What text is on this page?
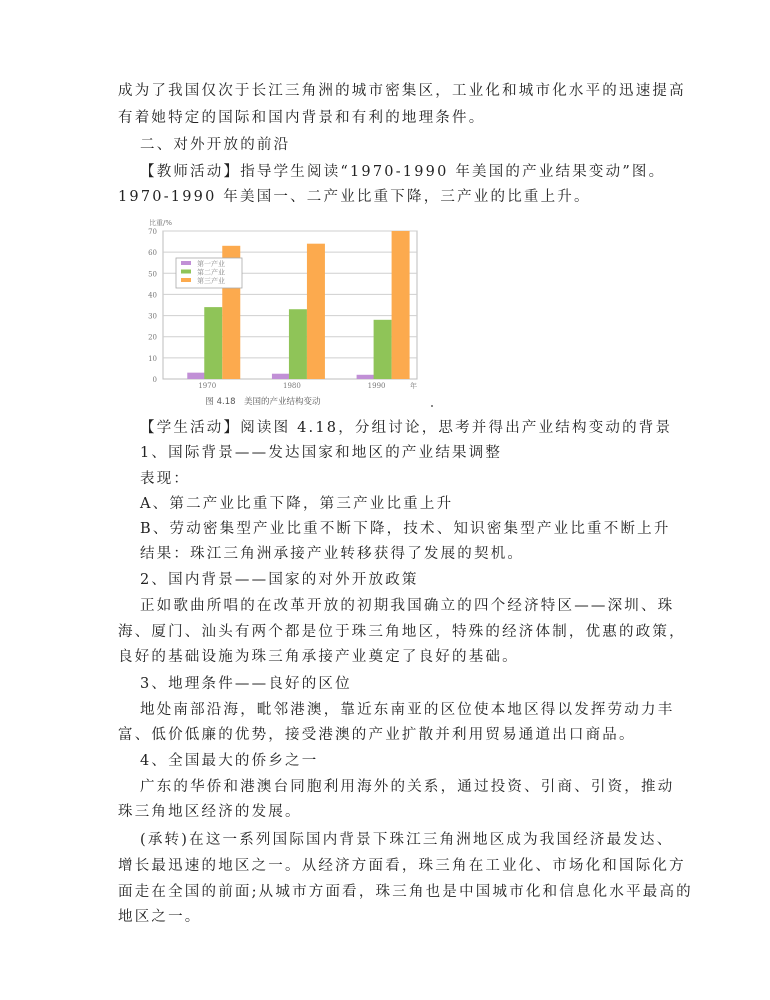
成为了我国仅次于长江三角洲的城市密集区，工业化和城市化水平的迅速提高
有着她特定的国际和国内背景和有利的地理条件。
二、对外开放的前沿
【教师活动】指导学生阅读“1970-1990 年美国的产业结果变动”图。
1970-1990 年美国一、二产业比重下降，三产业的比重上升。
【学生活动】阅读图 4.18，分组讨论，思考并得出产业结构变动的背景
1、国际背景——发达国家和地区的产业结果调整
表现：
A、第二产业比重下降，第三产业比重上升
B、劳动密集型产业比重不断下降，技术、知识密集型产业比重不断上升
结果：珠江三角洲承接产业转移获得了发展的契机。
2、国内背景——国家的对外开放政策
正如歌曲所唱的在改革开放的初期我国确立的四个经济特区——深圳、珠
海、厦门、汕头有两个都是位于珠三角地区，特殊的经济体制，优惠的政策，
良好的基础设施为珠三角承接产业奠定了良好的基础。
3、地理条件——良好的区位
地处南部沿海，毗邻港澳，靠近东南亚的区位使本地区得以发挥劳动力丰
富、低价低廉的优势，接受港澳的产业扩散并利用贸易通道出口商品。
4、全国最大的侨乡之一
广东的华侨和港澳台同胞利用海外的关系，通过投资、引商、引资，推动
珠三角地区经济的发展。
(承转)在这一系列国际国内背景下珠江三角洲地区成为我国经济最发达、
增长最迅速的地区之一。从经济方面看，珠三角在工业化、市场化和国际化方
面走在全国的前面;从城市方面看，珠三角也是中国城市化和信息化水平最高的
地区之一。
0
10
20
30
40
50
60
70
比重/%
年
1970	1980	1990
第一产业
第二产业
第三产业
图 4.18　美国的产业结构变动
